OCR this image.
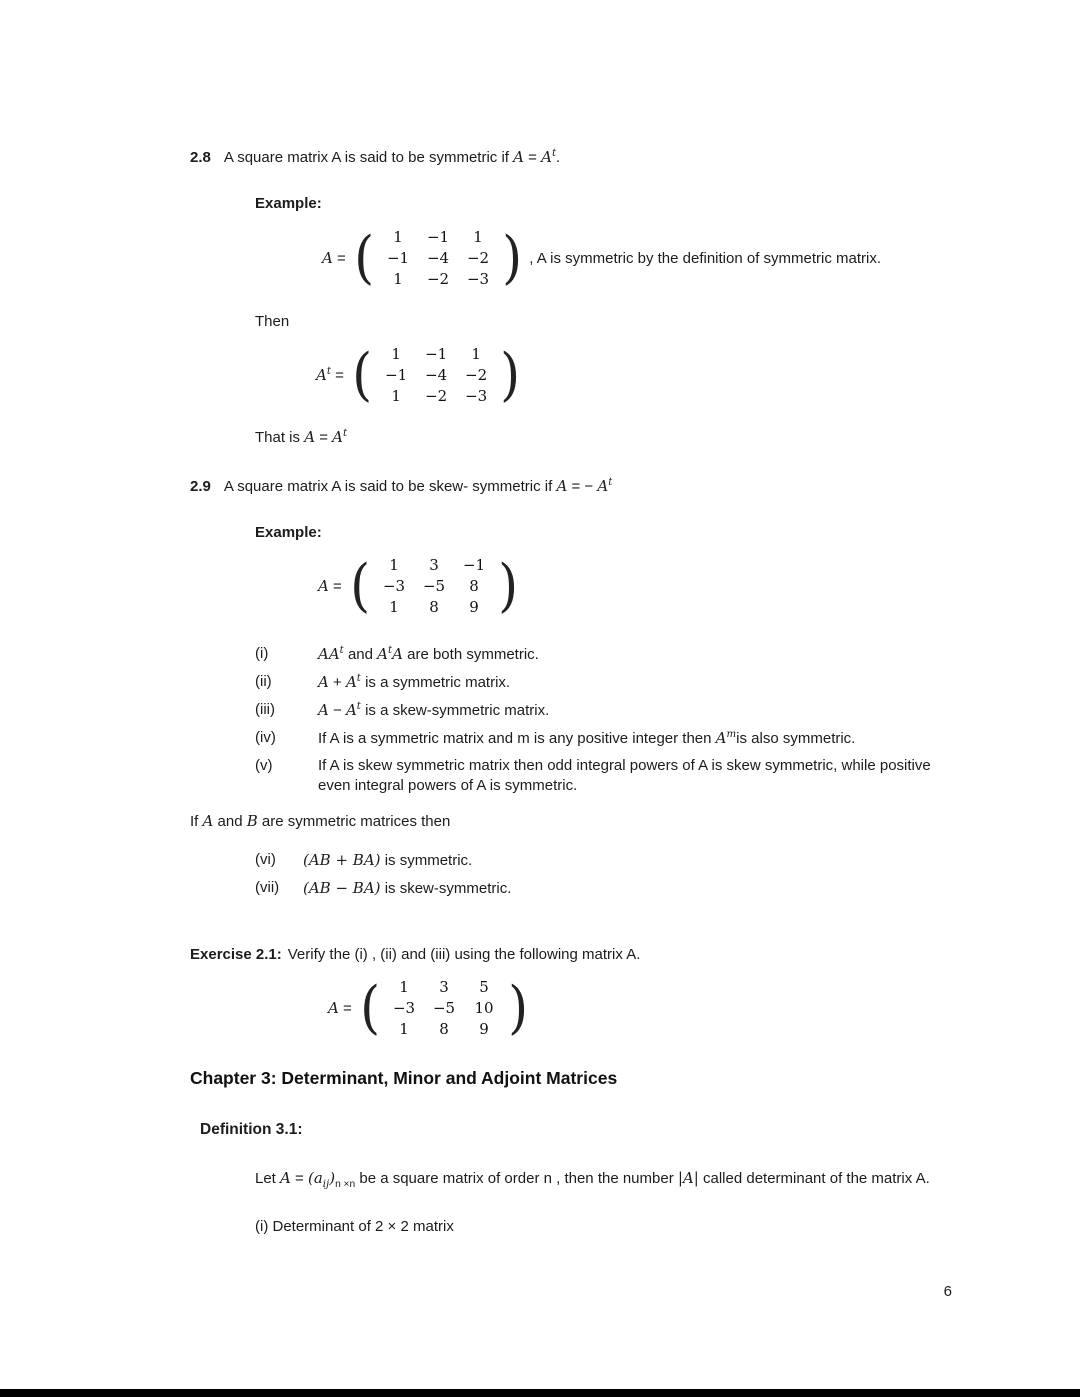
2.8 A square matrix A is said to be symmetric if $A = A^t$.
Example:
A = (	1	−1	1
−1	−4	−2
1	−2	−3 ) , A is symmetric by the definition of symmetric matrix.
Then
$A^t$ = (	1	−1	1
−1	−4	−2
1	−2	−3 )
That is $A = A^t$
2.9 A square matrix A is said to be skew- symmetric if A = − $A^t$
Example:
A = (	1	3	−1
−3	−5	8
1	8	9 )
(i)	$AA^t$ and $A^tA$ are both symmetric.
(ii)	$A + A^t$ is a symmetric matrix.
(iii)	$A - A^t$ is a skew-symmetric matrix.
(iv)	If A is a symmetric matrix and m is any positive integer then $A^mis$ also symmetric.
(v)	If A is skew symmetric matrix then odd integral powers of A is skew symmetric, while positive even integral powers of A is symmetric.
If A and B are symmetric matrices then
(vi)	(AB + BA) is symmetric.
(vii)	(AB − BA) is skew-symmetric.
Exercise 2.1: Verify the (i) , (ii) and (iii) using the following matrix A.
A = (	1	3	5
−3	−5	10
1	8	9 )
Chapter 3: Determinant, Minor and Adjoint Matrices
Definition 3.1:

Let $A = (a_{ij})_{n \times n}$ be a square matrix of order n , then the number |A| called determinant of the matrix A.

(i) Determinant of 2 × 2 matrix
6
